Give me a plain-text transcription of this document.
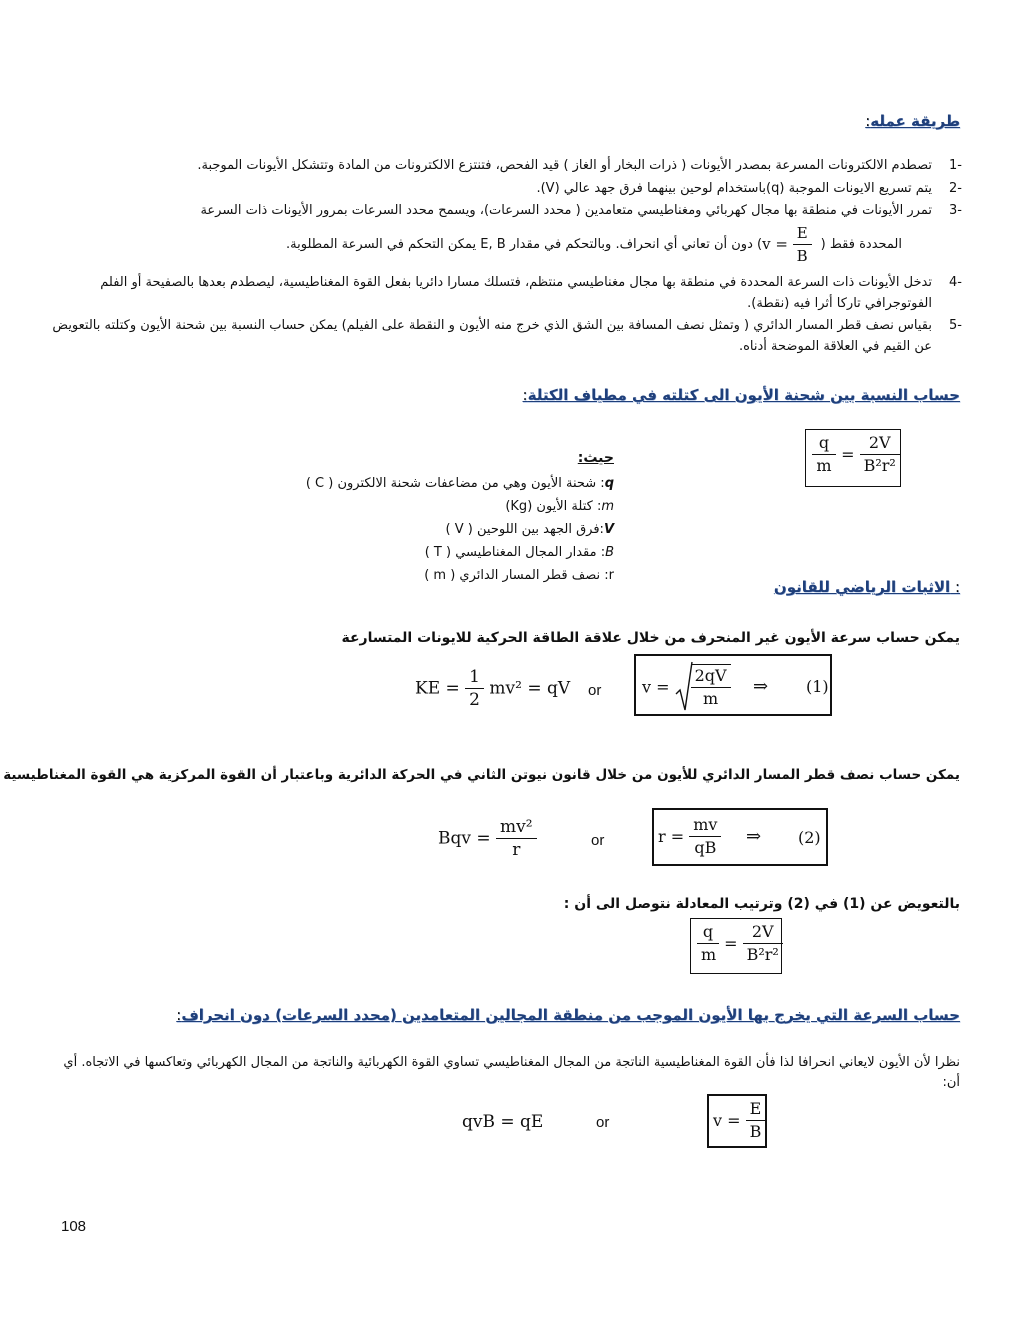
طريقة عمله:
-1
تصطدم الالكترونات المسرعة بمصدر الأيونات ( ذرات البخار أو الغاز ) قيد الفحص، فتنتزع الالكترونات من المادة وتتشكل الأيونات الموجبة.
-2
يتم تسريع الايونات الموجبة (q)باستخدام لوحين بينهما فرق جهد عالي (V).
-3
تمرر الأيونات في منطقة بها مجال كهربائي ومغناطيسي متعامدين ( محدد السرعات)، ويسمح محدد السرعات بمرور الأيونات ذات السرعة
المحددة فقط ( $v = \frac{E}{B}$
) دون أن تعاني أي انحراف. وبالتحكم في مقدار E, B يمكن التحكم في السرعة المطلوبة.
-4
تدخل الأيونات ذات السرعة المحددة في منطقة بها مجال مغناطيسي منتظم، فتسلك مسارا دائريا بفعل القوة المغناطيسية، ليصطدم بعدها بالصفيحة أو الفلم الفوتوجرافي تاركا أثرا فيه (نقطة).
-5
بقياس نصف قطر المسار الدائري ( وتمثل نصف المسافة بين الشق الذي خرج منه الأيون و النقطة على الفيلم) يمكن حساب النسبة بين شحنة الأيون وكتلته بالتعويض عن القيم في العلاقة الموضحة أدناه.
حساب النسبة بين شحنة الأيون الى كتلته في مطياف الكتلة:
$\frac{q}{m} = \frac{2V}{\text{B²r²}}$
حيث:
q: شحنة الأيون وهي من مضاعفات شحنة الالكترون ( C )
m: كتلة الأيون (Kg)
V:فرق الجهد بين اللوحين ( V )
B: مقدار المجال المغناطيسي ( T )
r: نصف قطر المسار الدائري ( m )
: الاثبات الرياضي للقانون
يمكن حساب سرعة الأيون غير المنحرف من خلال علاقة الطاقة الحركية للايونات المتسارعة
KE = $\frac{1}{2} mv^2$ = qV or	$v = \frac{2qV}{m}$ ⇒ (1)
يمكن حساب نصف قطر المسار الدائري للأيون من خلال قانون نيوتن الثاني في الحركة الدائرية وباعتبار أن القوة المركزية هي القوة المغناطيسية
Bqv = $\frac{\text{mv²}}{r}$	or	$r = \frac{mv}{qB}$ ⇒ (2)
بالتعويض عن (1) في (2) وترتيب المعادلة نتوصل الى أن :
$\frac{q}{m} = \frac{2V}{\text{B²r²}}$
حساب السرعة التي يخرج بها الأيون الموجب من منطقة المجالين المتعامدين (محدد السرعات) دون انحراف:
نظرا لأن الأيون لايعاني انحرافا لذا فأن القوة المغناطيسية الناتجة من المجال المغناطيسي تساوي القوة الكهربائية والناتجة من المجال الكهربائي وتعاكسها في الاتجاه. أي أن:
qvB = qE	or	$v = \frac{E}{B}$
108
